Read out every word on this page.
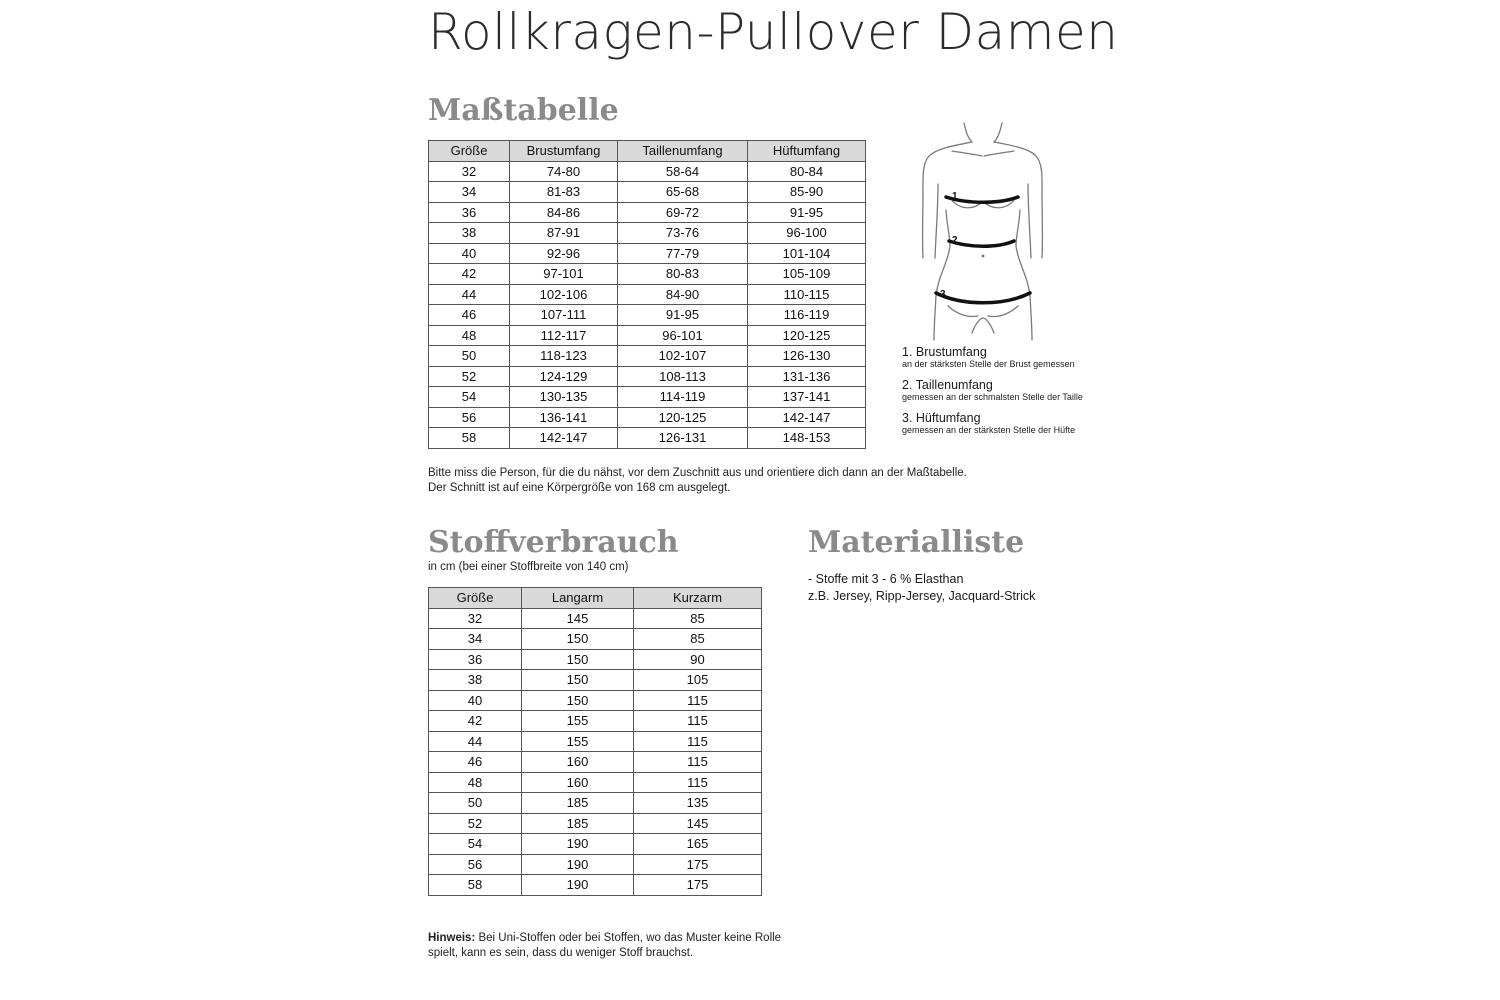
Rollkragen-Pullover Damen
Maßtabelle
Größe	Brustumfang	Taillenumfang	Hüftumfang
32	74-80	58-64	80-84
34	81-83	65-68	85-90
36	84-86	69-72	91-95
38	87-91	73-76	96-100
40	92-96	77-79	101-104
42	97-101	80-83	105-109
44	102-106	84-90	110-115
46	107-111	91-95	116-119
48	112-117	96-101	120-125
50	118-123	102-107	126-130
52	124-129	108-113	131-136
54	130-135	114-119	137-141
56	136-141	120-125	142-147
58	142-147	126-131	148-153
1
2
3
1. Brustumfang
an der stärksten Stelle der Brust gemessen
2. Taillenumfang
gemessen an der schmalsten Stelle der Taille
3. Hüftumfang
gemessen an der stärksten Stelle der Hüfte

Bitte miss die Person, für die du nähst, vor dem Zuschnitt aus und orientiere dich dann an der Maßtabelle.

Der Schnitt ist auf eine Körpergröße von 168 cm ausgelegt.

Stoffverbrauch

in cm (bei einer Stoffbreite von 140 cm)

Größe	Langarm	Kurzarm
32	145	85
34	150	85
36	150	90
38	150	105
40	150	115
42	155	115
44	155	115
46	160	115
48	160	115
50	185	135
52	185	145
54	190	165
56	190	175
58	190	175

Hinweis: Bei Uni-Stoffen oder bei Stoffen, wo das Muster keine Rolle

spielt, kann es sein, dass du weniger Stoff brauchst.

Materialliste

- Stoffe mit 3 - 6 % Elasthan

z.B. Jersey, Ripp-Jersey, Jacquard-Strick
